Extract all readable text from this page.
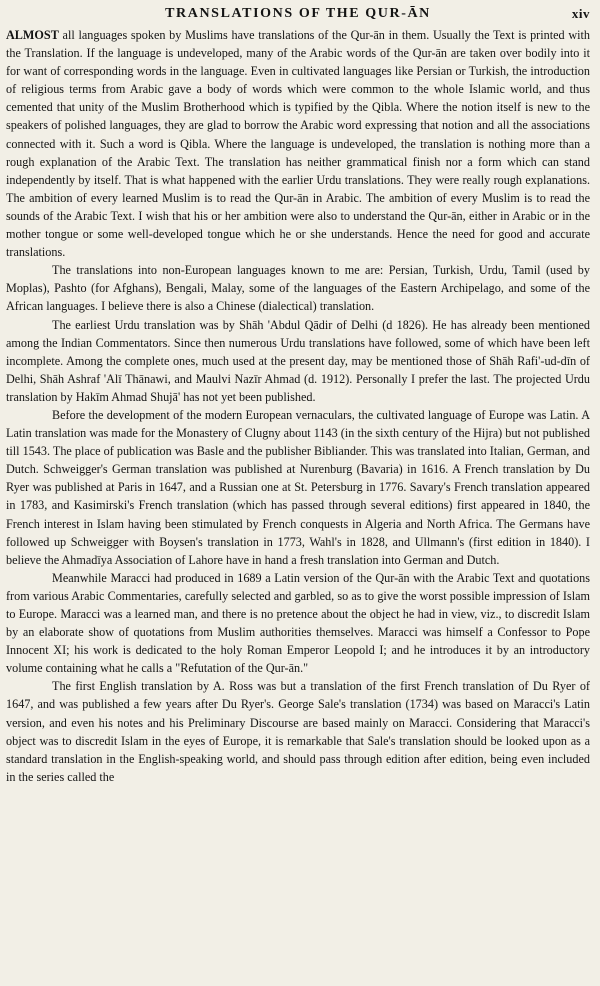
TRANSLATIONS OF THE QUR-ĀN	xiv

ALMOST all languages spoken by Muslims have translations of the Qur-ān in them. Usually the Text is printed with the Translation. If the language is undeveloped, many of the Arabic words of the Qur-ān are taken over bodily into it for want of corresponding words in the language. Even in cultivated languages like Persian or Turkish, the introduction of religious terms from Arabic gave a body of words which were common to the whole Islamic world, and thus cemented that unity of the Muslim Brotherhood which is typified by the Qibla. Where the notion itself is new to the speakers of polished languages, they are glad to borrow the Arabic word expressing that notion and all the associations connected with it. Such a word is Qibla. Where the language is undeveloped, the translation is nothing more than a rough explanation of the Arabic Text. The translation has neither grammatical finish nor a form which can stand independently by itself. That is what happened with the earlier Urdu translations. They were really rough explanations. The ambition of every learned Muslim is to read the Qur-ān in Arabic. The ambition of every Muslim is to read the sounds of the Arabic Text. I wish that his or her ambition were also to understand the Qur-ān, either in Arabic or in the mother tongue or some well-developed tongue which he or she understands. Hence the need for good and accurate translations.

The translations into non-European languages known to me are: Persian, Turkish, Urdu, Tamil (used by Moplas), Pashto (for Afghans), Bengali, Malay, some of the languages of the Eastern Archipelago, and some of the African languages. I believe there is also a Chinese (dialectical) translation.

The earliest Urdu translation was by Shāh 'Abdul Qādir of Delhi (d 1826). He has already been mentioned among the Indian Commentators. Since then numerous Urdu translations have followed, some of which have been left incomplete. Among the complete ones, much used at the present day, may be mentioned those of Shāh Rafi'-ud-dīn of Delhi, Shāh Ashraf 'Alī Thānawi, and Maulvi Nazīr Ahmad (d. 1912). Personally I prefer the last. The projected Urdu translation by Hakīm Ahmad Shujā' has not yet been published.

Before the development of the modern European vernaculars, the cultivated language of Europe was Latin. A Latin translation was made for the Monastery of Clugny about 1143 (in the sixth century of the Hijra) but not published till 1543. The place of publication was Basle and the publisher Bibliander. This was translated into Italian, German, and Dutch. Schweigger's German translation was published at Nurenburg (Bavaria) in 1616. A French translation by Du Ryer was published at Paris in 1647, and a Russian one at St. Petersburg in 1776. Savary's French translation appeared in 1783, and Kasimirski's French translation (which has passed through several editions) first appeared in 1840, the French interest in Islam having been stimulated by French conquests in Algeria and North Africa. The Germans have followed up Schweigger with Boysen's translation in 1773, Wahl's in 1828, and Ullmann's (first edition in 1840). I believe the Ahmadīya Association of Lahore have in hand a fresh translation into German and Dutch.

Meanwhile Maracci had produced in 1689 a Latin version of the Qur-ān with the Arabic Text and quotations from various Arabic Commentaries, carefully selected and garbled, so as to give the worst possible impression of Islam to Europe. Maracci was a learned man, and there is no pretence about the object he had in view, viz., to discredit Islam by an elaborate show of quotations from Muslim authorities themselves. Maracci was himself a Confessor to Pope Innocent XI; his work is dedicated to the holy Roman Emperor Leopold I; and he introduces it by an introductory volume containing what he calls a "Refutation of the Qur-ān."

The first English translation by A. Ross was but a translation of the first French translation of Du Ryer of 1647, and was published a few years after Du Ryer's. George Sale's translation (1734) was based on Maracci's Latin version, and even his notes and his Preliminary Discourse are based mainly on Maracci. Considering that Maracci's object was to discredit Islam in the eyes of Europe, it is remarkable that Sale's translation should be looked upon as a standard translation in the English-speaking world, and should pass through edition after edition, being even included in the series called the
